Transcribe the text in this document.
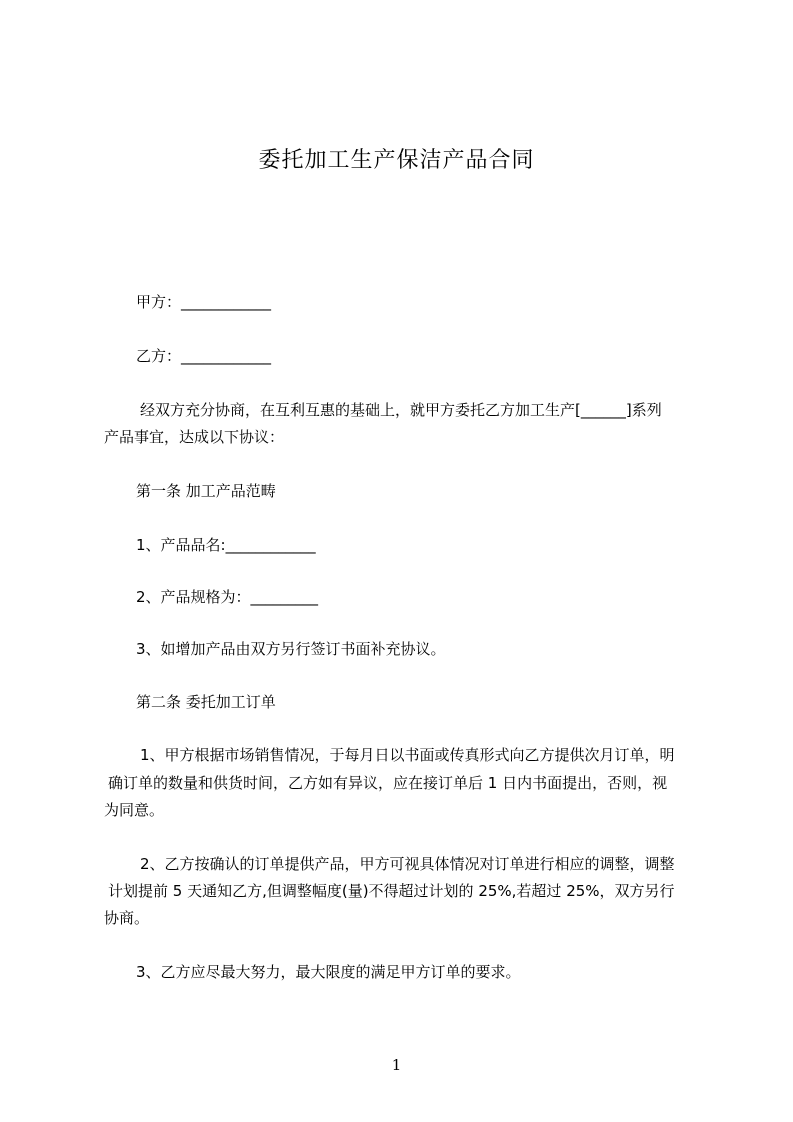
委托加工生产保洁产品合同
甲方：____________
乙方：____________
经双方充分协商，在互利互惠的基础上，就甲方委托乙方加工生产[______]系列
产品事宜，达成以下协议：
第一条 加工产品范畴
1、产品品名:____________
2、产品规格为：_________
3、如增加产品由双方另行签订书面补充协议。
第二条 委托加工订单
1、甲方根据市场销售情况，于每月日以书面或传真形式向乙方提供次月订单，明
确订单的数量和供货时间，乙方如有异议，应在接订单后 1 日内书面提出，否则，视
为同意。
2、乙方按确认的订单提供产品，甲方可视具体情况对订单进行相应的调整，调整
计划提前 5 天通知乙方,但调整幅度(量)不得超过计划的 25%,若超过 25%，双方另行
协商。
3、乙方应尽最大努力，最大限度的满足甲方订单的要求。
1
